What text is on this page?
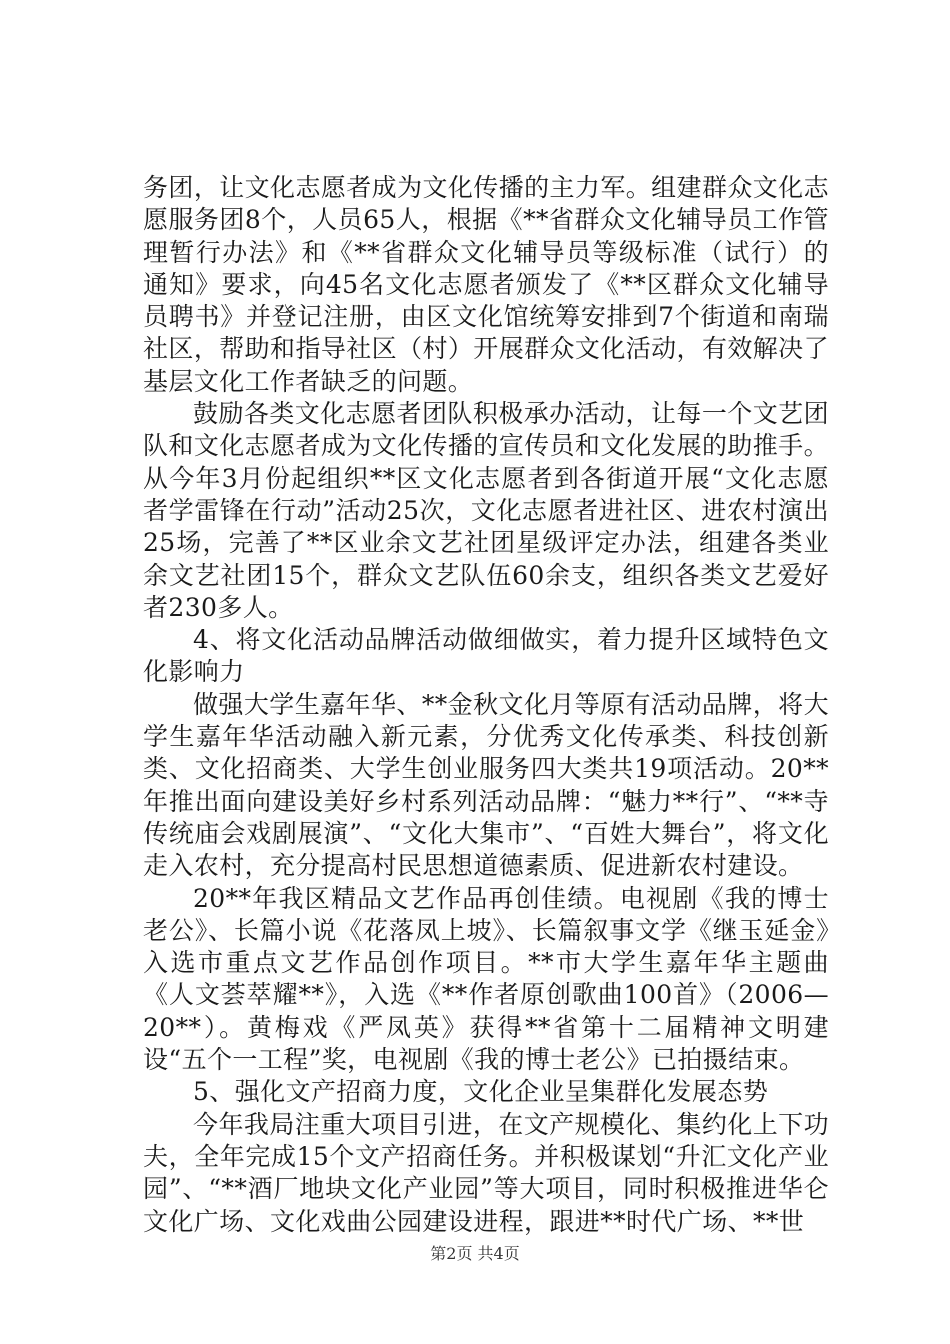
务团，让文化志愿者成为文化传播的主力军。组建群众文化志愿服务团8个，人员65人，根据《**省群众文化辅导员工作管理暂行办法》和《**省群众文化辅导员等级标准（试行）的通知》要求，向45名文化志愿者颁发了《**区群众文化辅导员聘书》并登记注册，由区文化馆统筹安排到7个街道和南瑞社区，帮助和指导社区（村）开展群众文化活动，有效解决了基层文化工作者缺乏的问题。

鼓励各类文化志愿者团队积极承办活动，让每一个文艺团队和文化志愿者成为文化传播的宣传员和文化发展的助推手。从今年3月份起组织**区文化志愿者到各街道开展“文化志愿者学雷锋在行动”活动25次，文化志愿者进社区、进农村演出25场，完善了**区业余文艺社团星级评定办法，组建各类业余文艺社团15个，群众文艺队伍60余支，组织各类文艺爱好者230多人。

4、将文化活动品牌活动做细做实，着力提升区域特色文化影响力

做强大学生嘉年华、**金秋文化月等原有活动品牌，将大学生嘉年华活动融入新元素，分优秀文化传承类、科技创新类、文化招商类、大学生创业服务四大类共19项活动。20**年推出面向建设美好乡村系列活动品牌：“魅力**行”、“**寺传统庙会戏剧展演”、“文化大集市”、“百姓大舞台”，将文化走入农村，充分提高村民思想道德素质、促进新农村建设。

20**年我区精品文艺作品再创佳绩。电视剧《我的博士老公》、长篇小说《花落凤上坡》、长篇叙事文学《继玉延金》入选市重点文艺作品创作项目。**市大学生嘉年华主题曲《人文荟萃耀**》，入选《**作者原创歌曲100首》（2006—20**）。黄梅戏《严凤英》获得**省第十二届精神文明建设“五个一工程”奖，电视剧《我的博士老公》已拍摄结束。

5、强化文产招商力度，文化企业呈集群化发展态势

今年我局注重大项目引进，在文产规模化、集约化上下功夫，全年完成15个文产招商任务。并积极谋划“升汇文化产业园”、“**酒厂地块文化产业园”等大项目，同时积极推进华仑文化广场、文化戏曲公园建设进程，跟进**时代广场、**世

第2页 共4页
